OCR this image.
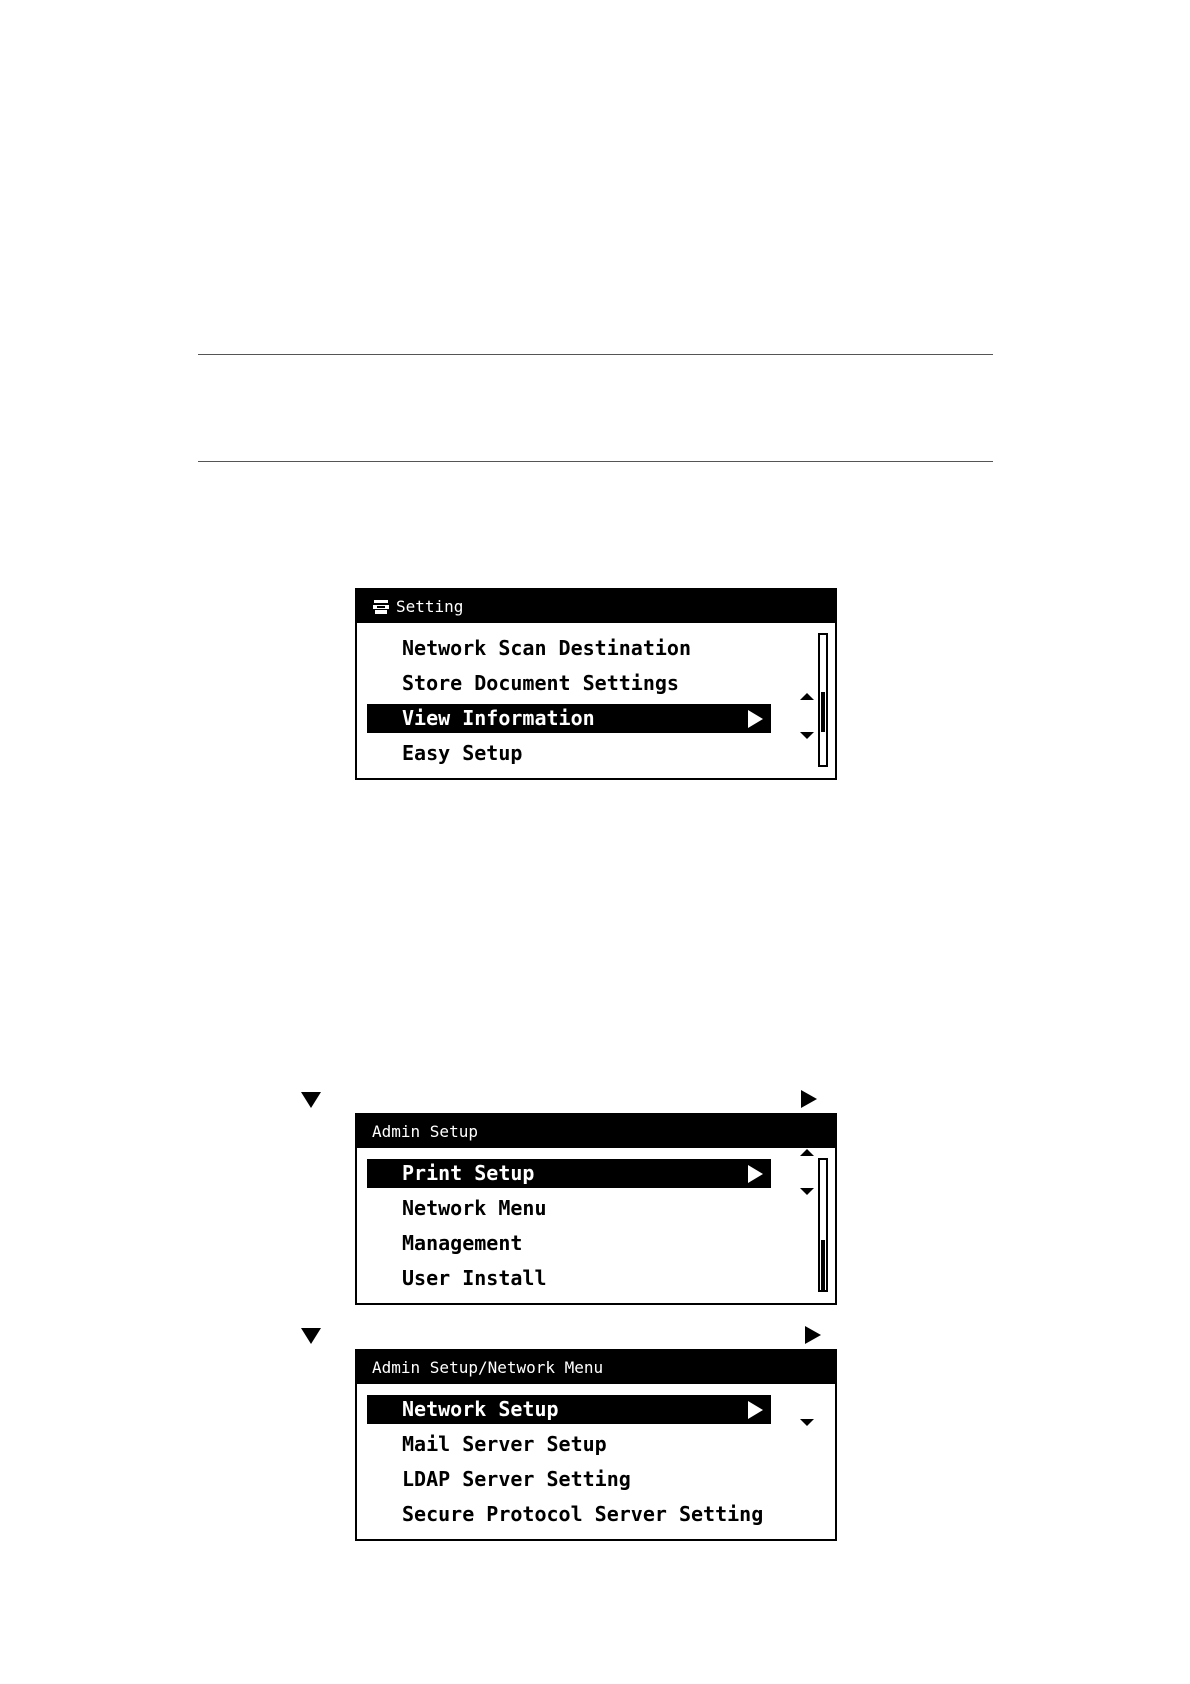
Setting
Network Scan Destination
Store Document Settings
View Information
Easy Setup
Admin Setup
Print Setup
Network Menu
Management
User Install
Admin Setup/Network Menu
Network Setup
Mail Server Setup
LDAP Server Setting
Secure Protocol Server Setting
